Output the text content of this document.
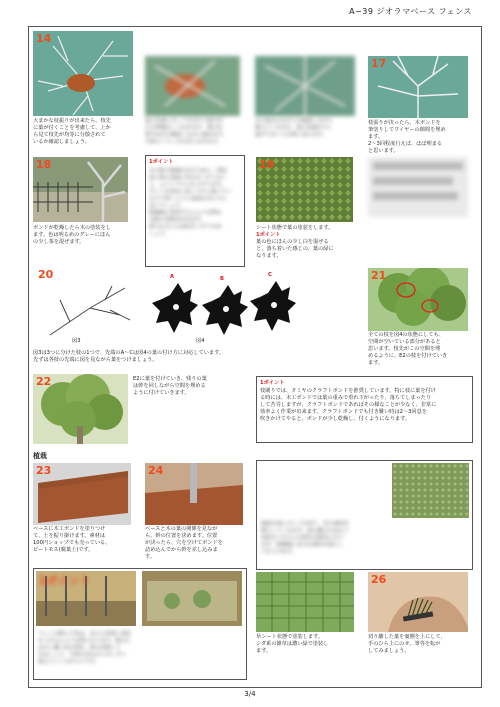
A−39 ジオラマベース フェンス
14
大まかな枝振りが出来たら、枝先
に葉が付くことを考慮して、上か
ら見て枝先が均等に分散されて
いるか確認しましょう。
枝の先端にボンドを付けて葉を付
ける準備をしておきます。葉の位
置や向きを確認しながら進めます。
全体のバランスを見ておきます。
木の枝先の広がりを確認しながら
整えていきます。枝の先端を少し
曲げておくと自然に見えます。
17
枝張りが決ったら、木ボンドを
筆塗りしてワイヤーの隙間を埋め
ます。
2～3回程度行えば、ほぼ埋まる
と思います。
18
ボンドが乾燥したら木の塗装をし
ます。色は明るめのグレーにほん
の少し茶を混ぜます。
1ポイント
木の幹の質感を出すために、塗装
前に幹の表面に凹凸をつけておく
と、よりリアルに仕上がります。
ボンドを厚めに塗ってから歯ブラシ
などで叩くように表面を荒らすと
良いでしょう。
乾燥後に塗装するとより自然な
木肌の雰囲気が出ます。
幹の太さにも変化をつけてみま
しょう。
19
シート状態で葉の塗装をします。
1ポイント
葉の色にほんの少し白を混ぜる
と、落ち着いた感じの、葉の緑に
なります。
20
図3
A	B
C
図4
図3は3つに分けた枝の1つで、先端のA～Cは図4の葉の付け方に対応しています。
先ずは各枝の先端に図を見ながら葉をつけましょう。
21
全ての枝を図4の状態にしても、
空間が空いている部分があると
思います。枝先がこの空間を埋
めるように、E2の枝を付けていき
ます。
22	E2に葉を付けていき、残りの葉
は幹を回しながら空間を埋める
ように付けていきます。
1ポイント
枝刷りでは、タミヤのクラフトボンドを推奨しています。特に枝に葉を付け
る時には、木工ボンドでは葉の重みで垂れ下がったり、落ちてしまったり
して苦労しますが、クラフトボンドであればその様なことが少なく、非常に
効率よく作業が出来ます。クラフトボンドでも付き難い時は2～3回息を
吹きかけてやると、ボンドが少し乾燥し、付くようになります。
植栽
23
ベースに木工ボンドを塗りつけ
て、土を振り掛けます。素材は
100円ショップでも売っている、
ピートモス(腐葉土)です。
24
ベースと木の葉の関係を見なが
ら、幹の位置を決めます。位置
が決ったら、穴を空けてボンドを
詰め込んでから幹を差し込みま
す。
地面全体にボンドを塗り、草の素材を
散らしていきます。緑の濃さを変えて
変化をつけると自然な雰囲気になり
ます。乾燥後に余分な素材を落とし
て仕上げます。
1ポイント
フェンス際の下草は、長さと密度に変化
をつけるとより自然になります。根元に
は少し濃い色を置き、影を表現して
みましょう。全体を見ながら少しずつ
植えていくのがコツです。
草シート状態で塗装します。
シダ系の雑草は濃い緑で塗装し
ます。
26
切り離した葉を裏側を上にして、
手のひら上にのせ、筆等を転が
してみましょう。
3/4
